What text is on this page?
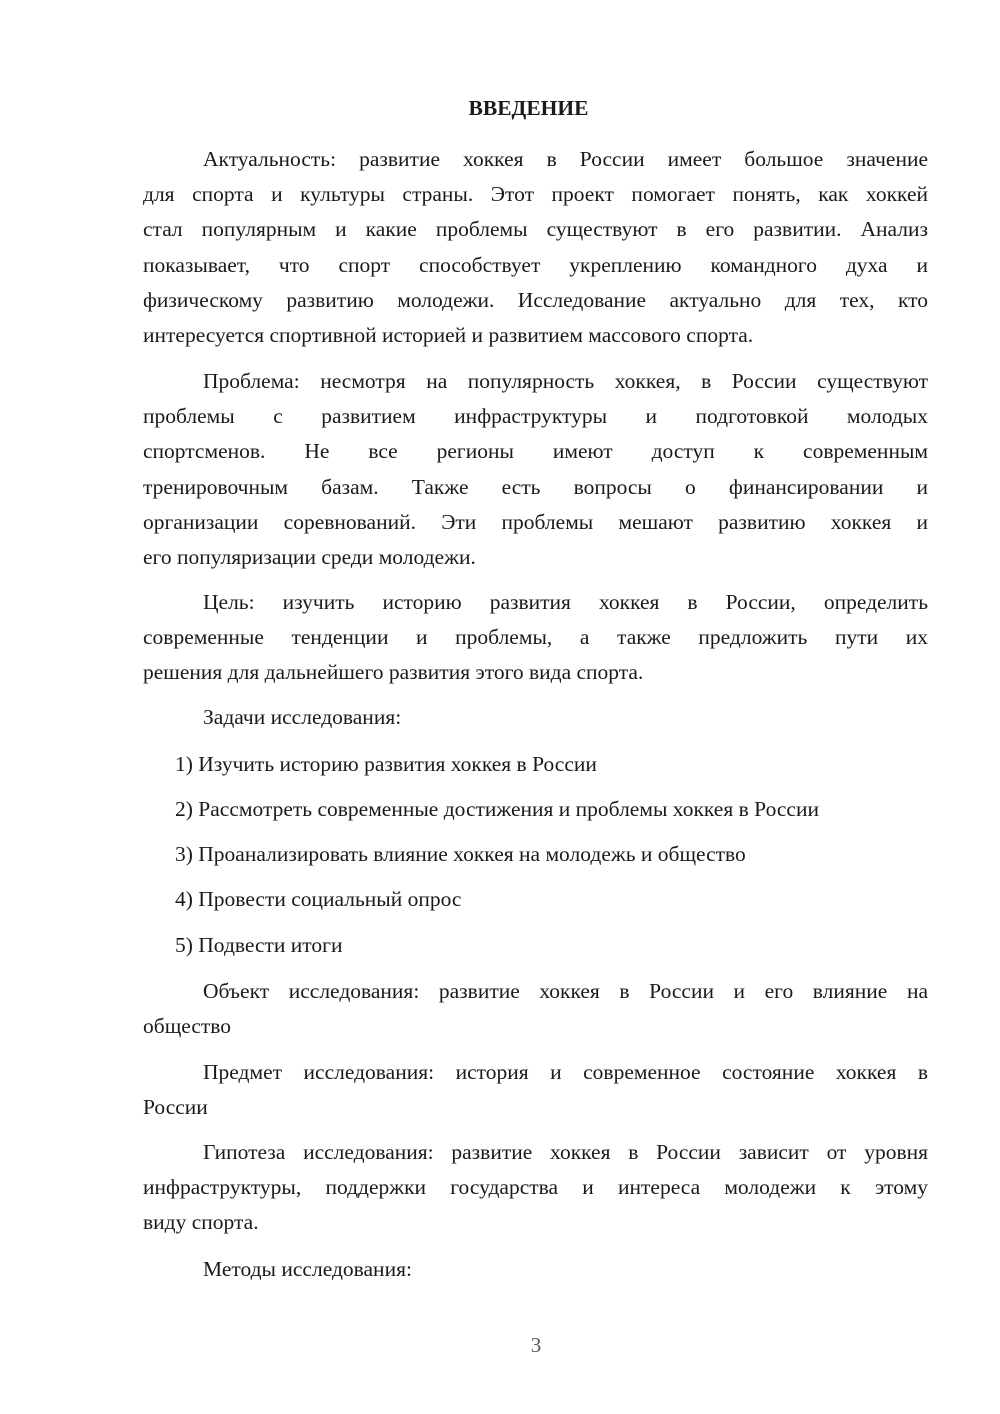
ВВЕДЕНИЕ
Актуальность: развитие хоккея в России имеет большое значение
для спорта и культуры страны. Этот проект помогает понять, как хоккей
стал популярным и какие проблемы существуют в его развитии. Анализ
показывает, что спорт способствует укреплению командного духа и
физическому развитию молодежи. Исследование актуально для тех, кто
интересуется спортивной историей и развитием массового спорта.
Проблема: несмотря на популярность хоккея, в России существуют
проблемы с развитием инфраструктуры и подготовкой молодых
спортсменов. Не все регионы имеют доступ к современным
тренировочным базам. Также есть вопросы о финансировании и
организации соревнований. Эти проблемы мешают развитию хоккея и
его популяризации среди молодежи.
Цель: изучить историю развития хоккея в России, определить
современные тенденции и проблемы, а также предложить пути их
решения для дальнейшего развития этого вида спорта.
Задачи исследования:
1) Изучить историю развития хоккея в России
2) Рассмотреть современные достижения и проблемы хоккея в России
3) Проанализировать влияние хоккея на молодежь и общество
4) Провести социальный опрос
5) Подвести итоги
Объект исследования: развитие хоккея в России и его влияние на
общество
Предмет исследования: история и современное состояние хоккея в
России
Гипотеза исследования: развитие хоккея в России зависит от уровня
инфраструктуры, поддержки государства и интереса молодежи к этому
виду спорта.
Методы исследования:
3
